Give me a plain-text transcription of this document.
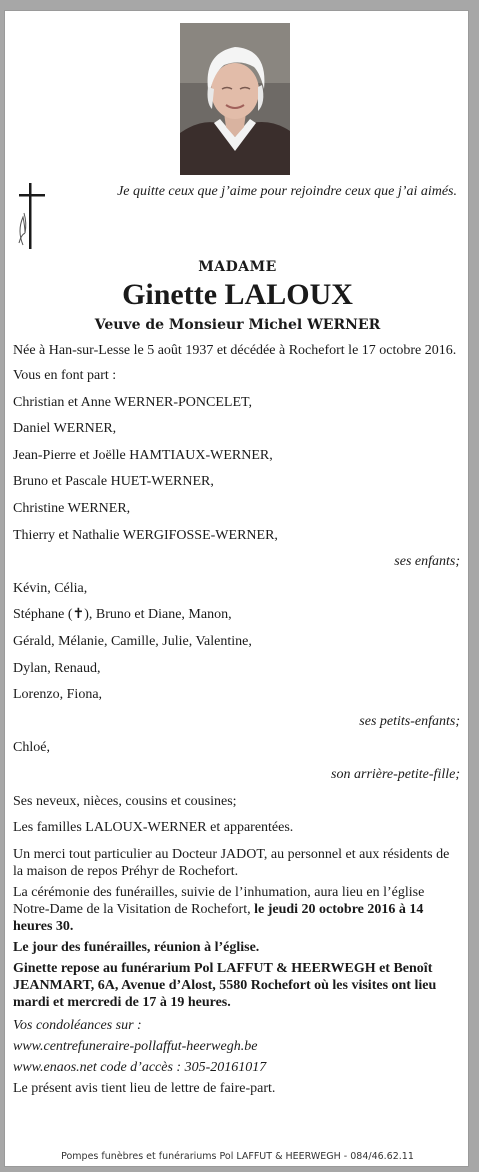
Je quitte ceux que j’aime pour rejoindre ceux que j’ai aimés.
MADAME
Ginette LALOUX
Veuve de Monsieur Michel WERNER

Née à Han-sur-Lesse le 5 août 1937 et décédée à Rochefort le 17 octobre 2016.

Vous en font part :
Christian et Anne WERNER-PONCELET,
Daniel WERNER,
Jean-Pierre et Joëlle HAMTIAUX-WERNER,
Bruno et Pascale HUET-WERNER,
Christine WERNER,
Thierry et Nathalie WERGIFOSSE-WERNER,
ses enfants;
Kévin, Célia,
Stéphane (✝), Bruno et Diane, Manon,
Gérald, Mélanie, Camille, Julie, Valentine,
Dylan, Renaud,
Lorenzo, Fiona,
ses petits-enfants;
Chloé,
son arrière-petite-fille;
Ses neveux, nièces, cousins et cousines;
Les familles LALOUX-WERNER et apparentées.

Un merci tout particulier au Docteur JADOT, au personnel et aux résidents de la maison de repos Préhyr de Rochefort.

La cérémonie des funérailles, suivie de l’inhumation, aura lieu en l’église Notre-Dame de la Visitation de Rochefort, le jeudi 20 octobre 2016 à 14 heures 30.

Le jour des funérailles, réunion à l’église.

Ginette repose au funérarium Pol LAFFUT & HEERWEGH et Benoît JEANMART, 6A, Avenue d’Alost, 5580 Rochefort où les visites ont lieu mardi et mercredi de 17 à 19 heures.

Vos condoléances sur :

www.centrefuneraire-pollaffut-heerwegh.be

www.enaos.net code d’accès : 305-20161017

Le présent avis tient lieu de lettre de faire-part.

Pompes funèbres et funérariums Pol LAFFUT & HEERWEGH - 084/46.62.11
